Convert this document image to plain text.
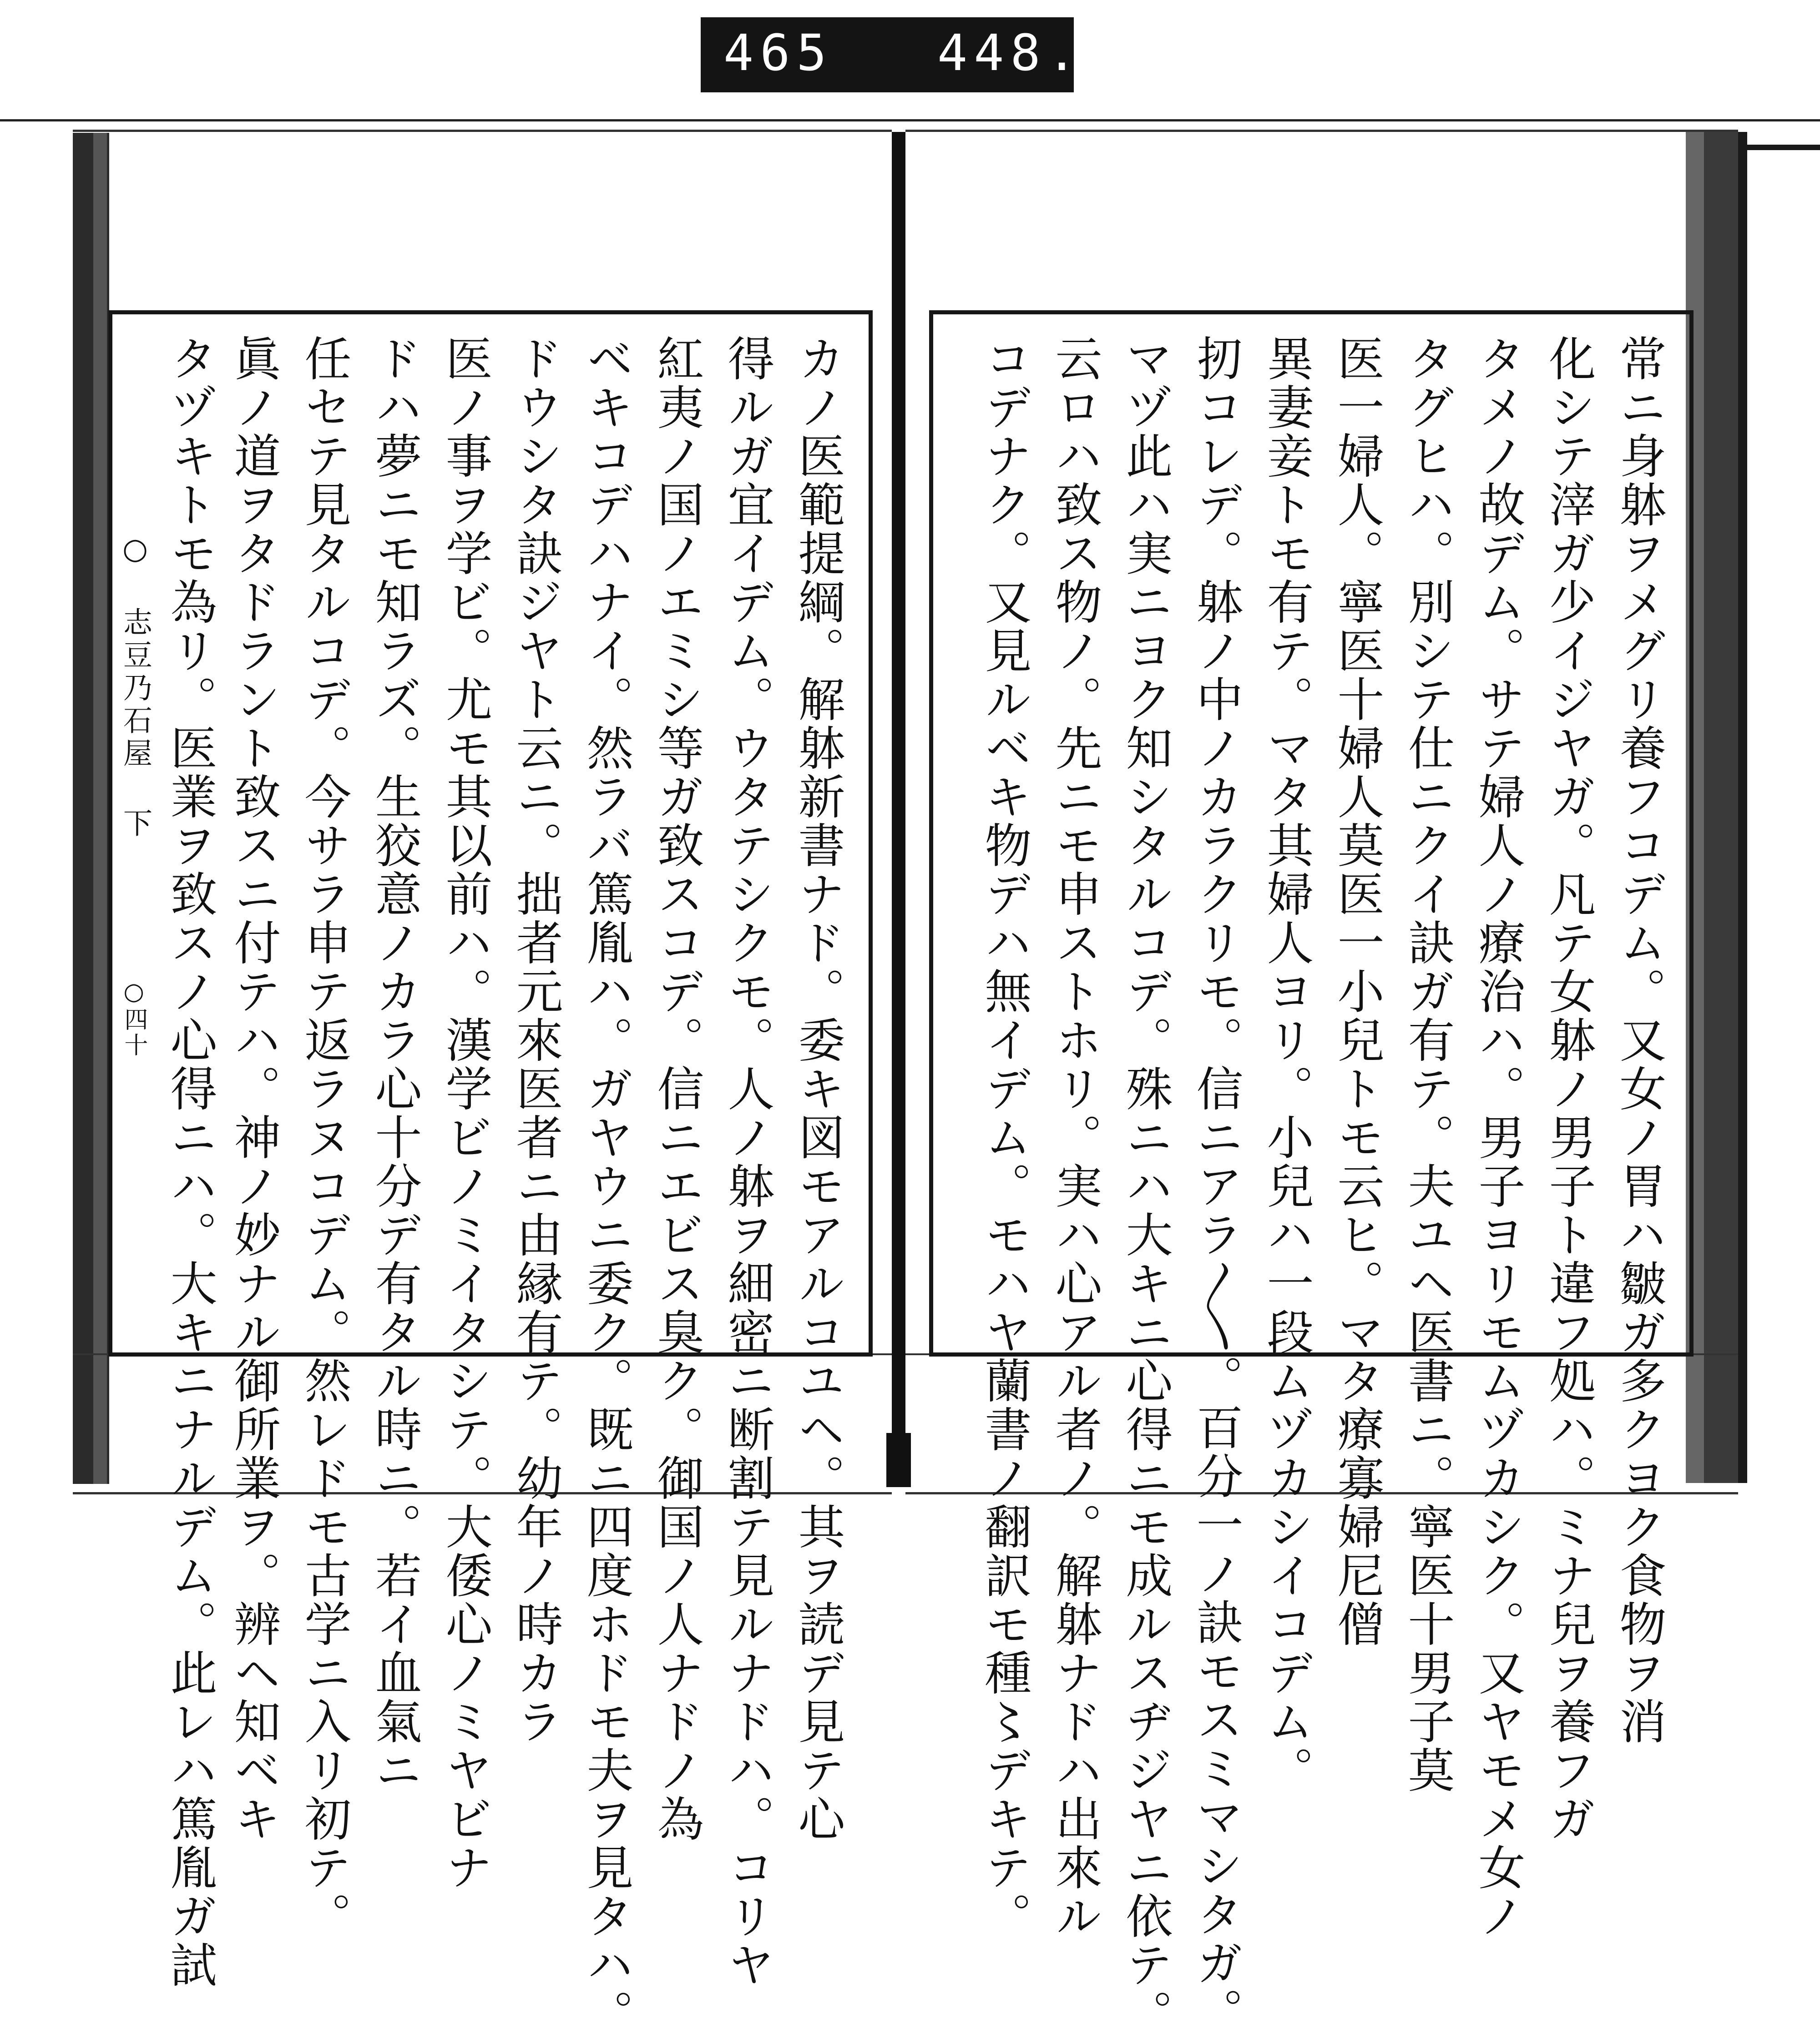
465 448.
常ニ身躰ヲメグリ養フコデム。又女ノ胃ハ皺ガ多クヨク食物ヲ消
化シテ滓ガ少イジヤガ。凡テ女躰ノ男子ト違フ処ハ。ミナ兒ヲ養フガ
タメノ故デム。サテ婦人ノ療治ハ。男子ヨリモムヅカシク。又ヤモメ女ノ
タグヒハ。別シテ仕ニクイ訣ガ有テ。夫ユヘ医書ニ。寧医十男子莫
医一婦人。寧医十婦人莫医一小兒トモ云ヒ。マタ療寡婦尼僧
異妻妾トモ有テ。マタ其婦人ヨリ。小兒ハ一段ムヅカシイコデム。
扨コレデ。躰ノ中ノカラクリモ。信ニアラ〳〵。百分一ノ訣モスミマシタガ。
マヅ此ハ実ニヨク知シタルコデ。殊ニハ大キニ心得ニモ成ルスヂジヤニ依テ。
云ロハ致ス物ノ。先ニモ申ストホリ。実ハ心アル者ノ。解躰ナドハ出來ル
コデナク。又見ルベキ物デハ無イデム。モハヤ蘭書ノ翻訳モ種〻デキテ。
カノ医範提綱。解躰新書ナド。委キ図モアルコユヘ。其ヲ読デ見テ心
得ルガ宜イデム。ウタテシクモ。人ノ躰ヲ細密ニ断割テ見ルナドハ。コリヤ
紅夷ノ国ノエミシ等ガ致スコデ。信ニエビス臭ク。御国ノ人ナドノ為
ベキコデハナイ。然ラバ篤胤ハ。ガヤウニ委ク。既ニ四度ホドモ夫ヲ見タハ。
ドウシタ訣ジヤト云ニ。拙者元來医者ニ由縁有テ。幼年ノ時カラ
医ノ事ヲ学ビ。尤モ其以前ハ。漢学ビノミイタシテ。大倭心ノミヤビナ
ドハ夢ニモ知ラズ。生狡意ノカラ心十分デ有タル時ニ。若イ血氣ニ
任セテ見タルコデ。今サラ申テ返ラヌコデム。然レドモ古学ニ入リ初テ。
眞ノ道ヲタドラント致スニ付テハ。神ノ妙ナル御所業ヲ。辨ヘ知ベキ
タヅキトモ為リ。医業ヲ致スノ心得ニハ。大キニナルデム。此レハ篤胤ガ試
○ 志豆乃石屋 下
○四十
